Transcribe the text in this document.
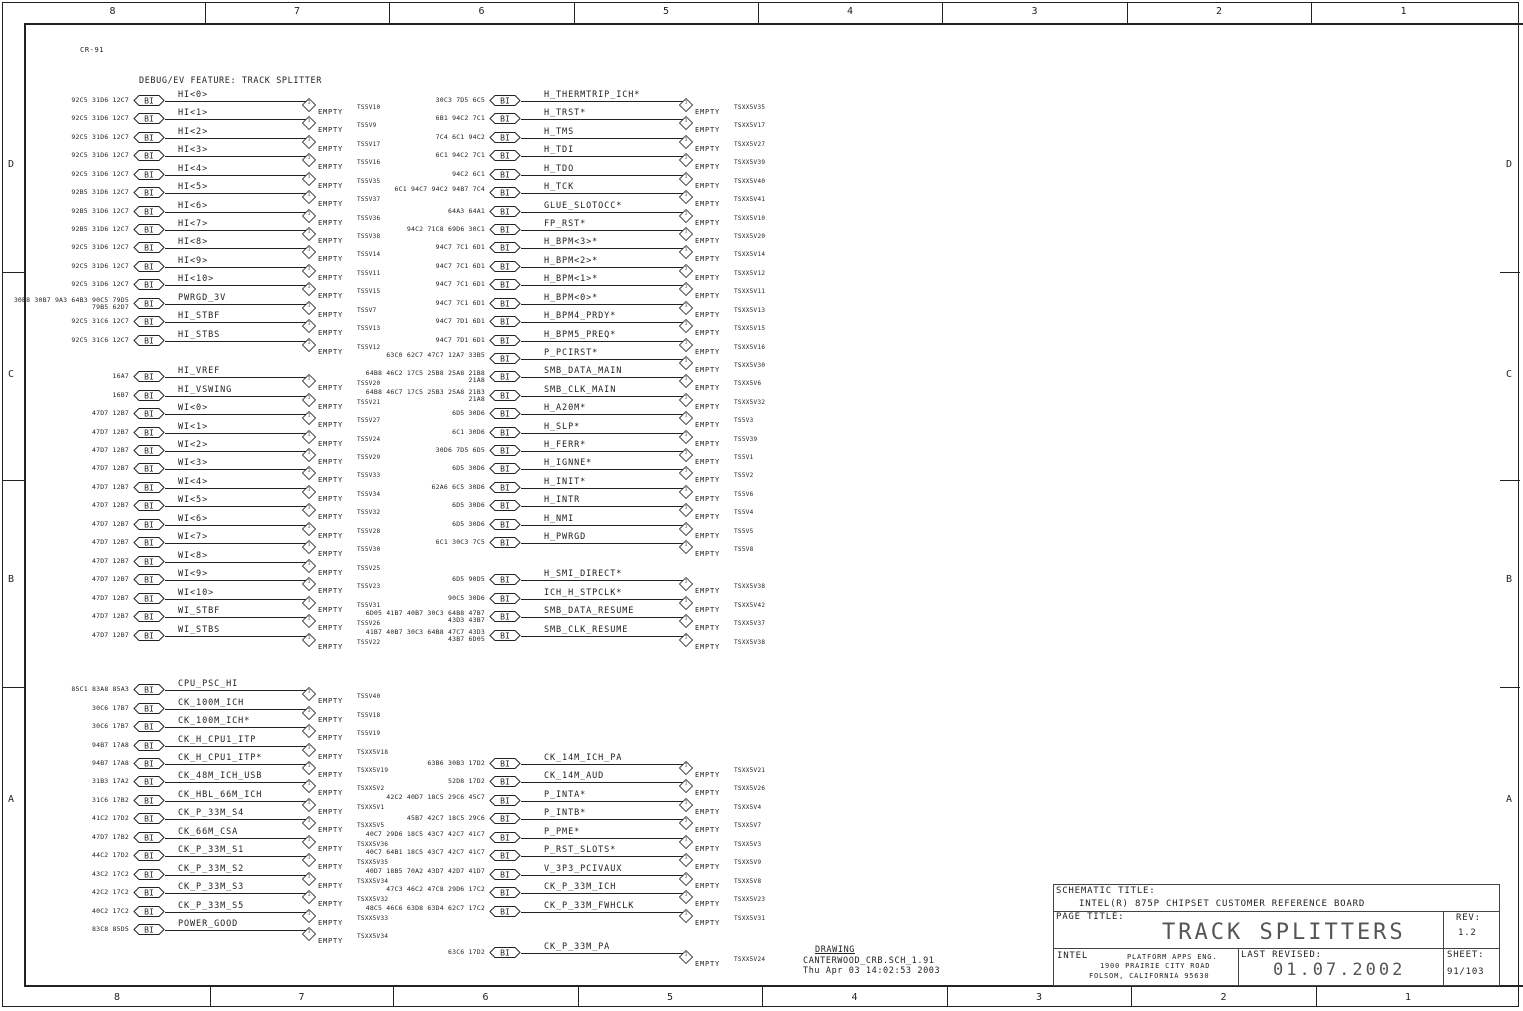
8
8
7
7
6
6
5
5
4
4
3
3
2
2
1
1
D	D
C	C
B	B
A	A
CR-91
DEBUG/EV FEATURE: TRACK SPLITTER
92C5 31D6 12C7 BI
HI<0>
1
EMPTY
TS5V10
92C5 31D6 12C7 BI
HI<1>
1
EMPTY
TS5V9
92C5 31D6 12C7 BI
HI<2>
1
EMPTY
TS5V17
92C5 31D6 12C7 BI
HI<3>
1
EMPTY
TS5V16
92C5 31D6 12C7 BI
HI<4>
1
EMPTY
TS5V35
92B5 31D6 12C7 BI
HI<5>
1
EMPTY
TS5V37
92B5 31D6 12C7 BI
HI<6>
1
EMPTY
TS5V36
92B5 31D6 12C7 BI
HI<7>
1
EMPTY
TS5V38
92C5 31D6 12C7 BI
HI<8>
1
EMPTY
TS5V14
92C5 31D6 12C7 BI
HI<9>
1
EMPTY
TS5V11
92C5 31D6 12C7 BI
HI<10>
1
EMPTY
TS5V15
30B8 30B7 9A3 64B3 90C5 79D5 79B5 62D7 BI
PWRGD_3V
1
EMPTY
TS5V7
92C5 31C6 12C7 BI
HI_STBF
1
EMPTY
TS5V13
92C5 31C6 12C7 BI
HI_STBS
1
EMPTY
TS5V12
16A7 BI
HI_VREF
1
EMPTY
TS5V20
16B7 BI
HI_VSWING
1
EMPTY
TS5V21
47D7 12B7 BI
WI<0>
1
EMPTY
TS5V27
47D7 12B7 BI
WI<1>
1
EMPTY
TS5V24
47D7 12B7 BI
WI<2>
1
EMPTY
TS5V29
47D7 12B7 BI
WI<3>
1
EMPTY
TS5V33
47D7 12B7 BI
WI<4>
1
EMPTY
TS5V34
47D7 12B7 BI
WI<5>
1
EMPTY
TS5V32
47D7 12B7 BI
WI<6>
1
EMPTY
TS5V28
47D7 12B7 BI
WI<7>
1
EMPTY
TS5V30
47D7 12B7 BI
WI<8>
1
EMPTY
TS5V25
47D7 12B7 BI
WI<9>
1
EMPTY
TS5V23
47D7 12B7 BI
WI<10>
1
EMPTY
TS5V31
47D7 12B7 BI
WI_STBF
1
EMPTY
TS5V26
47D7 12B7 BI
WI_STBS
1
EMPTY
TS5V22
85C1 83A8 85A3 BI
CPU_PSC_HI
1
EMPTY
TS5V40
30C6 17B7 BI
CK_100M_ICH
1
EMPTY
TS5V18
30C6 17B7 BI
CK_100M_ICH*
1
EMPTY
TS5V19
94B7 17A8 BI
CK_H_CPU1_ITP
1
EMPTY
TSXX5V18
94B7 17A8 BI
CK_H_CPU1_ITP*
1
EMPTY
TSXX5V19
31B3 17A2 BI
CK_48M_ICH_USB
1
EMPTY
TSXX5V2
31C6 17B2 BI
CK_HBL_66M_ICH
1
EMPTY
TSXX5V1
41C2 17D2 BI
CK_P_33M_S4
1
EMPTY
TSXX5V5
47D7 17B2 BI
CK_66M_CSA
1
EMPTY
TSXX5V36
44C2 17D2 BI
CK_P_33M_S1
1
EMPTY
TSXX5V35
43C2 17C2 BI
CK_P_33M_S2
1
EMPTY
TSXX5V34
42C2 17C2 BI
CK_P_33M_S3
1
EMPTY
TSXX5V32
40C2 17C2 BI
CK_P_33M_S5
1
EMPTY
TSXX5V33
83C8 85D5 BI
POWER_GOOD
1
EMPTY
TSXX5V34
30C3 7D5 6C5 BI
H_THERMTRIP_ICH*
1
EMPTY
TSXX5V35
6B1 94C2 7C1 BI
H_TRST*
1
EMPTY
TSXX5V17
7C4 6C1 94C2 BI
H_TMS
1
EMPTY
TSXX5V27
6C1 94C2 7C1 BI
H_TDI
1
EMPTY
TSXX5V39
94C2 6C1 BI
H_TDO
1
EMPTY
TSXX5V40
6C1 94C7 94C2 94B7 7C4 BI
H_TCK
1
EMPTY
TSXX5V41
64A3 64A1 BI
GLUE_SLOTOCC*
1
EMPTY
TSXX5V10
94C2 71C8 69D6 30C1 BI
FP_RST*
1
EMPTY
TSXX5V20
94C7 7C1 6D1 BI
H_BPM<3>*
1
EMPTY
TSXX5V14
94C7 7C1 6D1 BI
H_BPM<2>*
1
EMPTY
TSXX5V12
94C7 7C1 6D1 BI
H_BPM<1>*
1
EMPTY
TSXX5V11
94C7 7C1 6D1 BI
H_BPM<0>*
1
EMPTY
TSXX5V13
94C7 7D1 6D1 BI
H_BPM4_PRDY*
1
EMPTY
TSXX5V15
94C7 7D1 6D1 BI
H_BPM5_PREQ*
1
EMPTY
TSXX5V16
63C0 62C7 47C7 12A7 33B5 BI
P_PCIRST*
1
EMPTY
TSXX5V30
64B8 46C2 17C5 25B8 25A8 21B8 21A8 BI
SMB_DATA_MAIN
1
EMPTY
TSXX5V6
64B8 46C7 17C5 25B3 25A8 21B3 21A8 BI
SMB_CLK_MAIN
1
EMPTY
TSXX5V32
6D5 30D6 BI
H_A20M*
1
EMPTY
TS5V3
6C1 30D6 BI
H_SLP*
1
EMPTY
TS5V39
30D6 7D5 6D5 BI
H_FERR*
1
EMPTY
TS5V1
6D5 30D6 BI
H_IGNNE*
1
EMPTY
TS5V2
62A6 6C5 30D6 BI
H_INIT*
1
EMPTY
TS5V6
6D5 30D6 BI
H_INTR
1
EMPTY
TS5V4
6D5 30D6 BI
H_NMI
1
EMPTY
TS5V5
6C1 30C3 7C5 BI
H_PWRGD
1
EMPTY
TS5V8
6D5 90D5 BI
H_SMI_DIRECT*
1
EMPTY
TSXX5V38
90C5 30D6 BI
ICH_H_STPCLK*
1
EMPTY
TSXX5V42
6D05 41B7 40B7 30C3 64B8 47B7 43D3 43B7 BI
SMB_DATA_RESUME
1
EMPTY
TSXX5V37
41B7 40B7 30C3 64B8 47C7 43D3 43B7 6D05 BI
SMB_CLK_RESUME
1
EMPTY
TSXX5V38
63B6 30B3 17D2 BI
CK_14M_ICH_PA
1
EMPTY
TSXX5V21
52D8 17D2 BI
CK_14M_AUD
1
EMPTY
TSXX5V26
42C2 40D7 18C5 29C6 45C7 BI
P_INTA*
1
EMPTY
TSXX5V4
45B7 42C7 18C5 29C6 BI
P_INTB*
1
EMPTY
TSXX5V7
40C7 29D6 18C5 43C7 42C7 41C7 BI
P_PME*
1
EMPTY
TSXX5V3
40C7 64B1 18C5 43C7 42C7 41C7 BI
P_RST_SLOTS*
1
EMPTY
TSXX5V9
40D7 18B5 70A2 43D7 42D7 41D7 BI
V_3P3_PCIVAUX
1
EMPTY
TSXX5V8
47C3 46C2 47C8 29D6 17C2 BI
CK_P_33M_ICH
1
EMPTY
TSXX5V23
48C5 46C6 63D8 63D4 62C7 17C2 BI
CK_P_33M_FWHCLK
1
EMPTY
TSXX5V31
63C6 17D2 BI
CK_P_33M_PA
1
EMPTY
TSXX5V24
DRAWING
CANTERWOOD_CRB.SCH_1.91
Thu Apr 03 14:02:53 2003
SCHEMATIC TITLE:
INTEL(R) 875P CHIPSET CUSTOMER REFERENCE BOARD
PAGE TITLE:
TRACK SPLITTERS
REV:
1.2
INTEL	PLATFORM APPS ENG.
1900 PRAIRIE CITY ROAD
FOLSOM, CALIFORNIA 95630
LAST REVISED:
01.07.2002
SHEET:
91/103
